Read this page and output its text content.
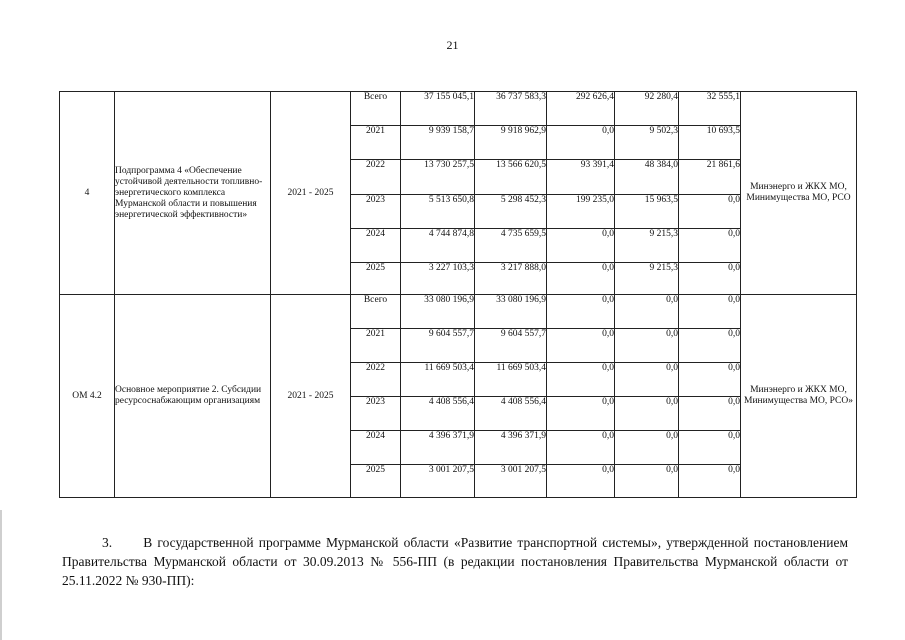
21
4	Подпрограмма 4 «Обеспечение устойчивой деятельности топливно-энергетического комплекса Мурманской области и повышения энергетической эффективности»	2021 - 2025	Всего	37 155 045,1	36 737 583,3	292 626,4	92 280,4	32 555,1	Минэнерго и ЖКХ МО, Минимущества МО, РСО
			2021	9 939 158,7	9 918 962,9	0,0	9 502,3	10 693,5	
			2022	13 730 257,5	13 566 620,5	93 391,4	48 384,0	21 861,6	
			2023	5 513 650,8	5 298 452,3	199 235,0	15 963,5	0,0	
			2024	4 744 874,8	4 735 659,5	0,0	9 215,3	0,0	
			2025	3 227 103,3	3 217 888,0	0,0	9 215,3	0,0	
ОМ 4.2	Основное мероприятие 2. Субсидии ресурсоснабжающим организациям	2021 - 2025	Всего	33 080 196,9	33 080 196,9	0,0	0,0	0,0	Минэнерго и ЖКХ МО, Минимущества МО, РСО»
			2021	9 604 557,7	9 604 557,7	0,0	0,0	0,0	
			2022	11 669 503,4	11 669 503,4	0,0	0,0	0,0	
			2023	4 408 556,4	4 408 556,4	0,0	0,0	0,0	
			2024	4 396 371,9	4 396 371,9	0,0	0,0	0,0	
			2025	3 001 207,5	3 001 207,5	0,0	0,0	0,0	
3. В государственной программе Мурманской области «Развитие транспортной системы», утвержденной постановлением Правительства Мурманской области от 30.09.2013 № 556-ПП (в редакции постановления Правительства Мурманской области от 25.11.2022 № 930-ПП):
